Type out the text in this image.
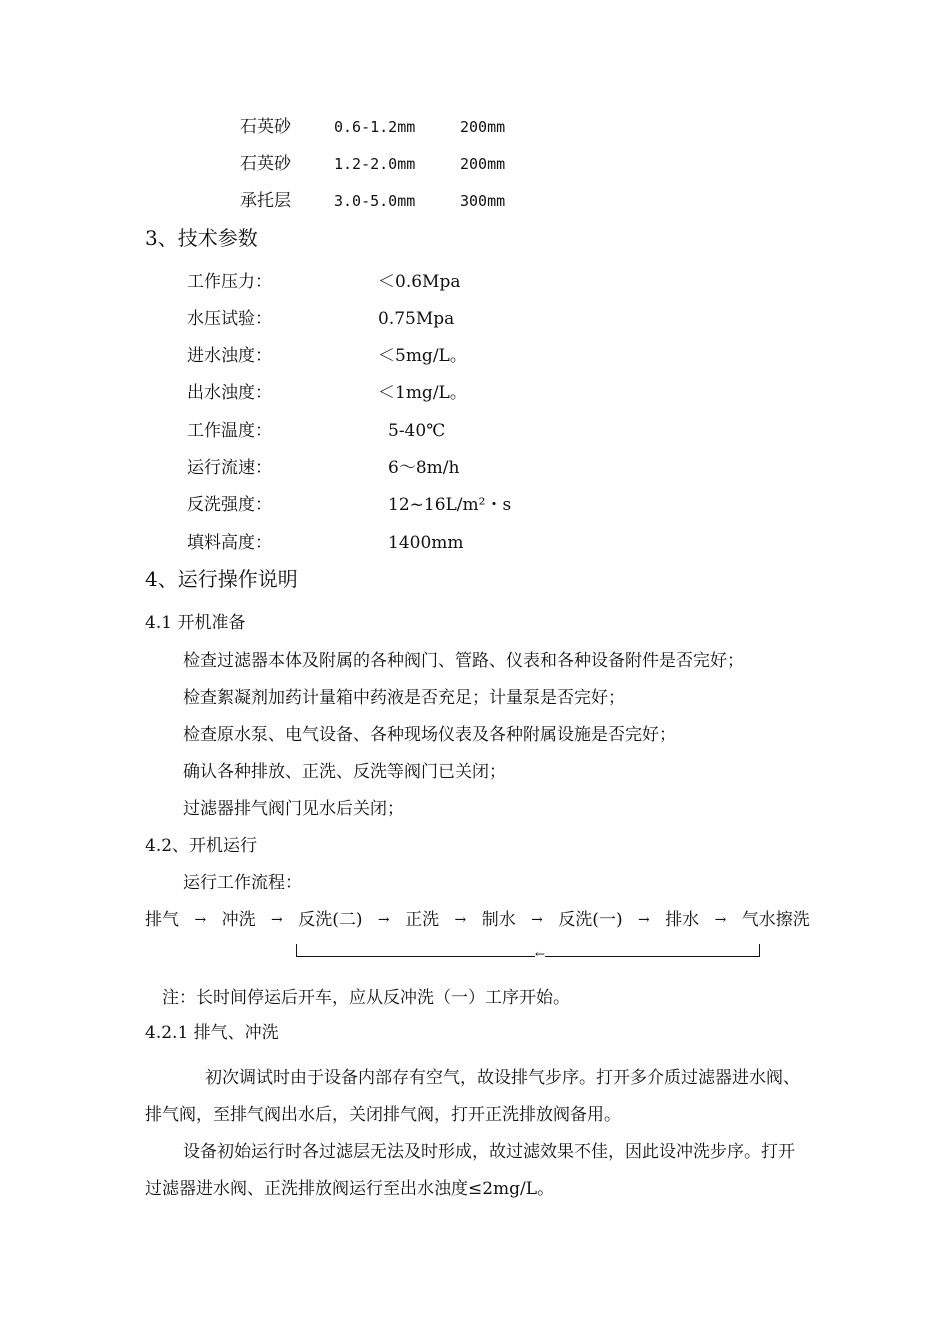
石英砂	0.6-1.2mm	200mm
石英砂	1.2-2.0mm	200mm
承托层	3.0-5.0mm	300mm
3、技术参数
工作压力：	＜0.6Mpa
水压试验：	0.75Mpa
进水浊度：	＜5mg/L。
出水浊度：	＜1mg/L。
工作温度：	5-40℃
运行流速：	6～8m/h
反洗强度：	12~16L/m²・s
填料高度：	1400mm
4、运行操作说明
4.1 开机准备
检查过滤器本体及附属的各种阀门、管路、仪表和各种设备附件是否完好；
检查絮凝剂加药计量箱中药液是否充足；计量泵是否完好；
检查原水泵、电气设备、各种现场仪表及各种附属设施是否完好；
确认各种排放、正洗、反洗等阀门已关闭；
过滤器排气阀门见水后关闭；
4.2、开机运行
运行工作流程：
排气 → 冲洗 → 反洗(二) → 正洗 → 制水 → 反洗(一) → 排水 → 气水擦洗
←
注：长时间停运后开车，应从反冲洗（一）工序开始。
4.2.1 排气、冲洗
初次调试时由于设备内部存有空气，故设排气步序。打开多介质过滤器进水阀、排气阀，至排气阀出水后，关闭排气阀，打开正洗排放阀备用。
设备初始运行时各过滤层无法及时形成，故过滤效果不佳，因此设冲洗步序。打开过滤器进水阀、正洗排放阀运行至出水浊度≤2mg/L。
